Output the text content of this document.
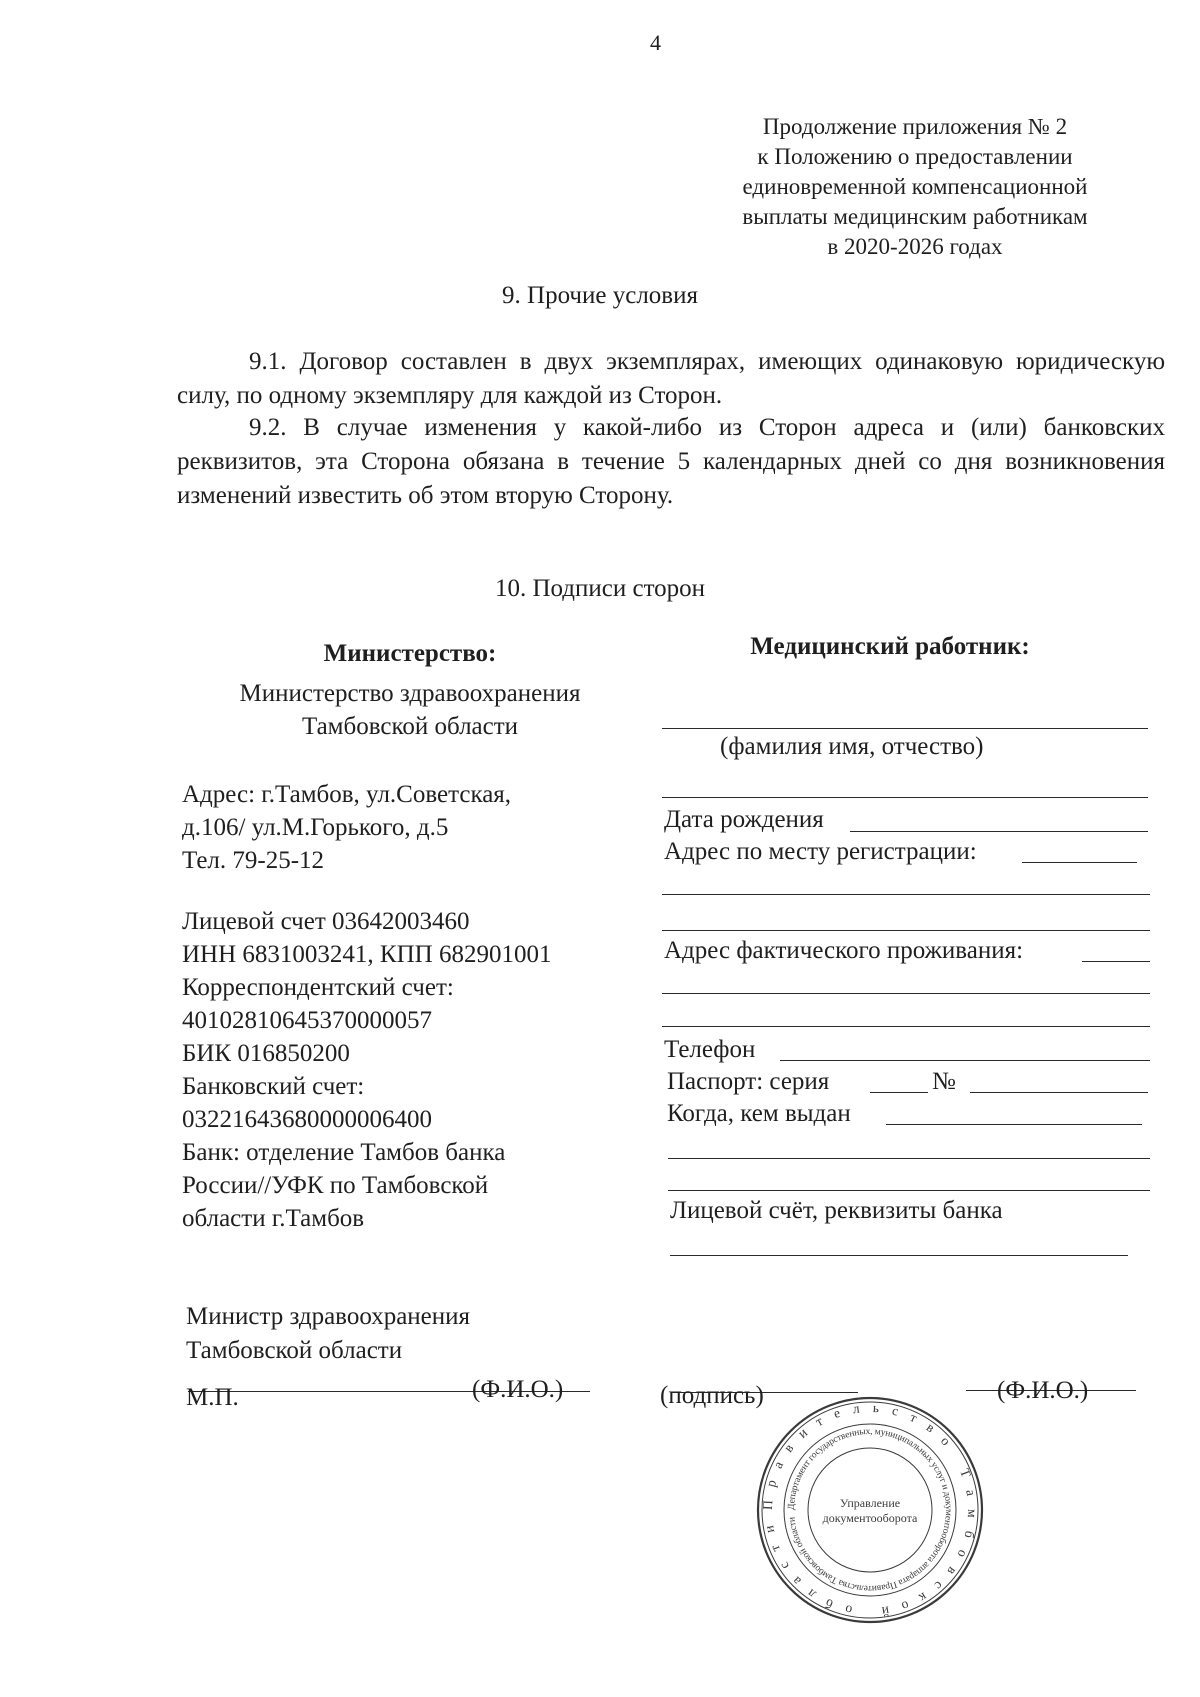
4
Продолжение приложения № 2
к Положению о предоставлении
единовременной компенсационной
выплаты медицинским работникам
в 2020-2026 годах
9. Прочие условия
9.1. Договор составлен в двух экземплярах, имеющих одинаковую юридическую силу, по одному экземпляру для каждой из Сторон.
9.2. В случае изменения у какой-либо из Сторон адреса и (или) банковских реквизитов, эта Сторона обязана в течение 5 календарных дней со дня возникновения изменений известить об этом вторую Сторону.
10. Подписи сторон
Министерство:
Министерство здравоохранения
Тамбовской области
Адрес: г.Тамбов, ул.Советская,
д.106/ ул.М.Горького, д.5
Тел. 79-25-12
Лицевой счет 03642003460
ИНН 6831003241, КПП 682901001
Корреспондентский счет:
40102810645370000057
БИК 016850200
Банковский счет:
03221643680000006400
Банк: отделение Тамбов банка
России//УФК по Тамбовской
области г.Тамбов
Министр здравоохранения
Тамбовской области
М.П.	(Ф.И.О.)
Медицинский работник:
(фамилия имя, отчество)
Дата рождения
Адрес по месту регистрации:
Адрес фактического проживания:
Телефон
Паспорт: серия	№
Когда, кем выдан
Лицевой счёт, реквизиты банка
(подпись)	(Ф.И.О.)
Правительство Тамбовской области
Департамент государственных, муниципальных услуг и документооборота аппарата Правительства Тамбовской области
Управление
документооборота
